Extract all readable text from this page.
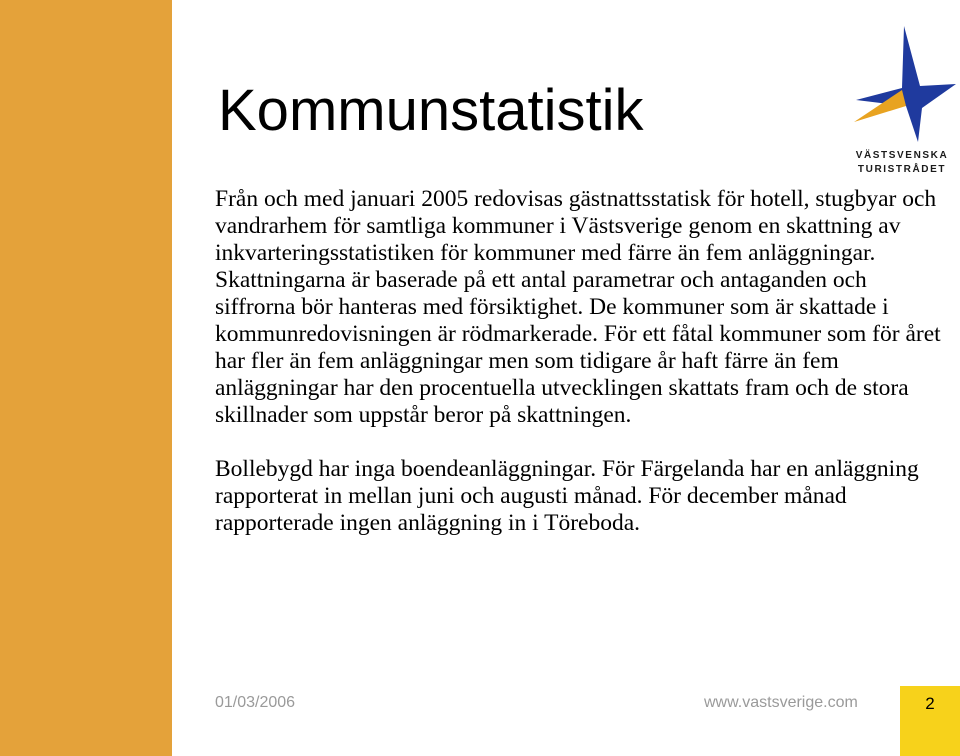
Kommunstatistik
VÄSTSVENSKA
TURISTRÅDET

Från och med januari 2005 redovisas gästnattsstatisk för hotell, stugbyar och vandrarhem för samtliga kommuner i Västsverige genom en skattning av inkvarteringsstatistiken för kommuner med färre än fem anläggningar. Skattningarna är baserade på ett antal parametrar och antaganden och siffrorna bör hanteras med försiktighet. De kommuner som är skattade i kommunredovisningen är rödmarkerade. För ett fåtal kommuner som för året har fler än fem anläggningar men som tidigare år haft färre än fem anläggningar har den procentuella utvecklingen skattats fram och de stora skillnader som uppstår beror på skattningen.

Bollebygd har inga boendeanläggningar. För Färgelanda har en anläggning rapporterat in mellan juni och augusti månad. För december månad rapporterade ingen anläggning in i Töreboda.

01/03/2006	www.vastsverige.com	2
